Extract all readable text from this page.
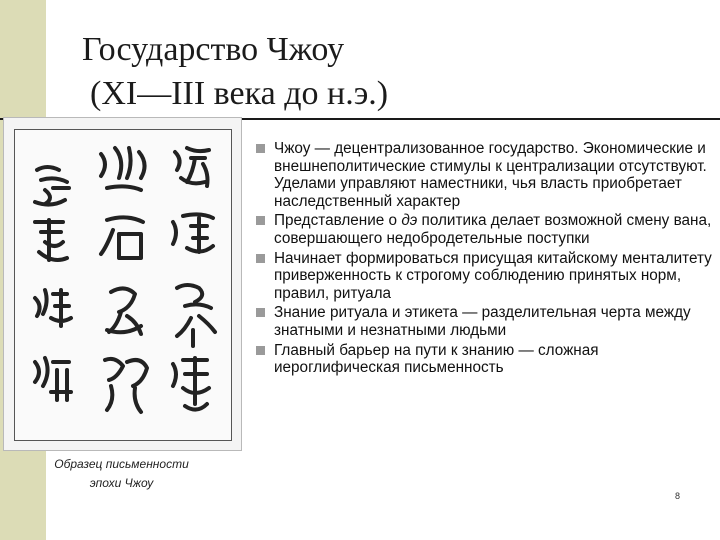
Государство Чжоу
(XI—III века до н.э.)
Образец письменности
эпохи Чжоу
Чжоу — децентрализованное государство. Экономические и внешнеполитические стимулы к централизации отсутствуют. Уделами управляют наместники, чья власть приобретает наследственный характер
Представление о дэ политика делает возможной смену вана, совершающего недобродетельные поступки
Начинает формироваться присущая китайскому менталитету приверженность к строгому соблюдению принятых норм, правил, ритуала
Знание ритуала и этикета — разделительная черта между знатными и незнатными людьми
Главный барьер на пути к знанию — сложная иероглифическая письменность
8
